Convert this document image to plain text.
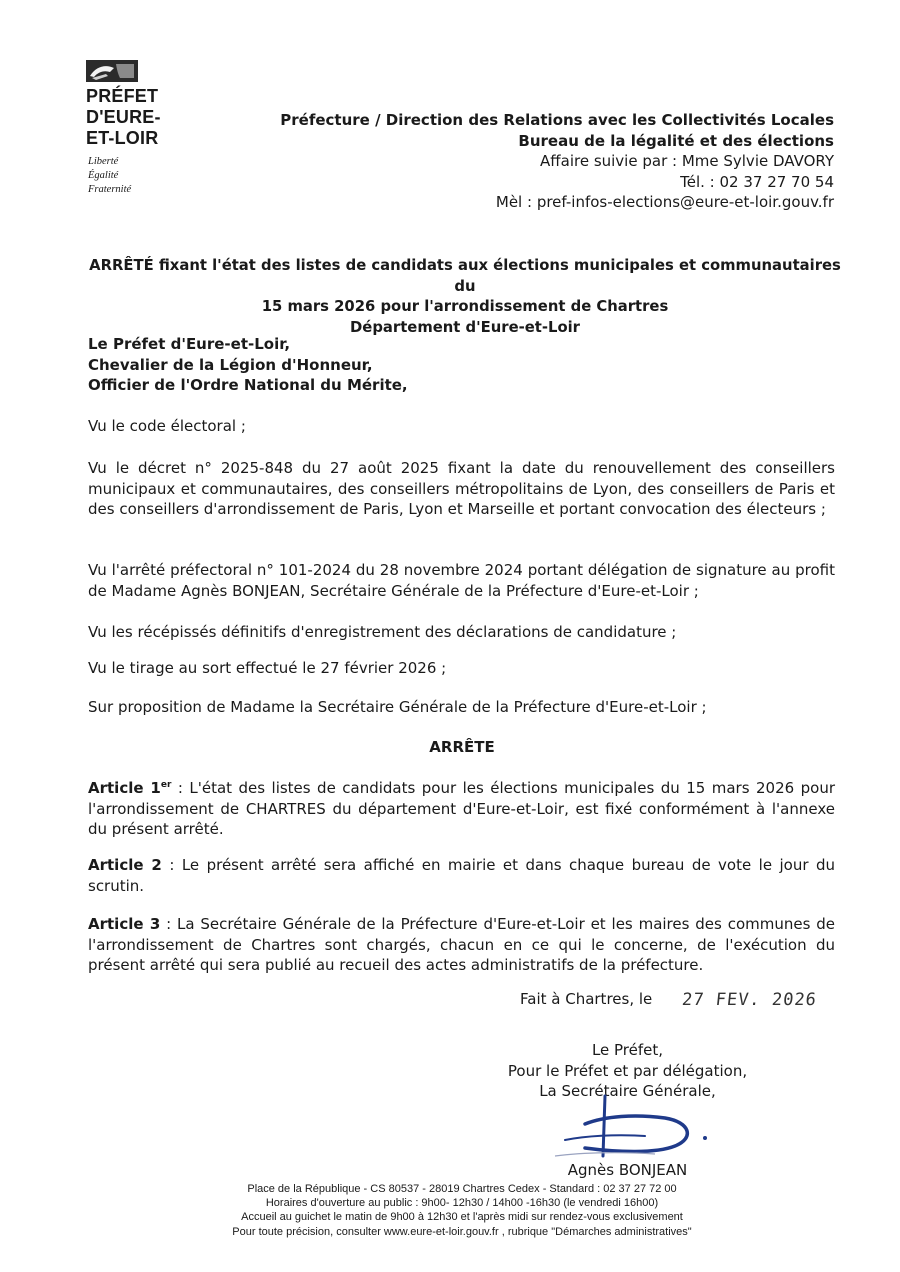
PRÉFET
D'EURE-
ET-LOIR
Liberté
Égalité
Fraternité
Préfecture / Direction des Relations avec les Collectivités Locales
Bureau de la légalité et des élections
Affaire suivie par : Mme Sylvie DAVORY
Tél. : 02 37 27 70 54
Mèl : pref-infos-elections@eure-et-loir.gouv.fr
ARRÊTÉ fixant l'état des listes de candidats aux élections municipales et communautaires du
15 mars 2026 pour l'arrondissement de Chartres
Département d'Eure-et-Loir
Le Préfet d'Eure-et-Loir,
Chevalier de la Légion d'Honneur,
Officier de l'Ordre National du Mérite,

Vu le code électoral ;

Vu le décret n° 2025-848 du 27 août 2025 fixant la date du renouvellement des conseillers municipaux et communautaires, des conseillers métropolitains de Lyon, des conseillers de Paris et des conseillers d'arrondissement de Paris, Lyon et Marseille et portant convocation des électeurs ;

Vu l'arrêté préfectoral n° 101-2024 du 28 novembre 2024 portant délégation de signature au profit de Madame Agnès BONJEAN, Secrétaire Générale de la Préfecture d'Eure-et-Loir ;

Vu les récépissés définitifs d'enregistrement des déclarations de candidature ;

Vu le tirage au sort effectué le 27 février 2026 ;

Sur proposition de Madame la Secrétaire Générale de la Préfecture d'Eure-et-Loir ;

ARRÊTE

Article 1er : L'état des listes de candidats pour les élections municipales du 15 mars 2026 pour l'arrondissement de CHARTRES du département d'Eure-et-Loir, est fixé conformément à l'annexe du présent arrêté.

Article 2 : Le présent arrêté sera affiché en mairie et dans chaque bureau de vote le jour du scrutin.

Article 3 : La Secrétaire Générale de la Préfecture d'Eure-et-Loir et les maires des communes de l'arrondissement de Chartres sont chargés, chacun en ce qui le concerne, de l'exécution du présent arrêté qui sera publié au recueil des actes administratifs de la préfecture.

Fait à Chartres, le 27 FEV. 2026
Le Préfet,
Pour le Préfet et par délégation,
La Secrétaire Générale,
Agnès BONJEAN
Place de la République - CS 80537 - 28019 Chartres Cedex - Standard : 02 37 27 72 00
Horaires d'ouverture au public : 9h00- 12h30 / 14h00 -16h30 (le vendredi 16h00)
Accueil au guichet le matin de 9h00 à 12h30 et l'après midi sur rendez-vous exclusivement
Pour toute précision, consulter www.eure-et-loir.gouv.fr , rubrique "Démarches administratives"
